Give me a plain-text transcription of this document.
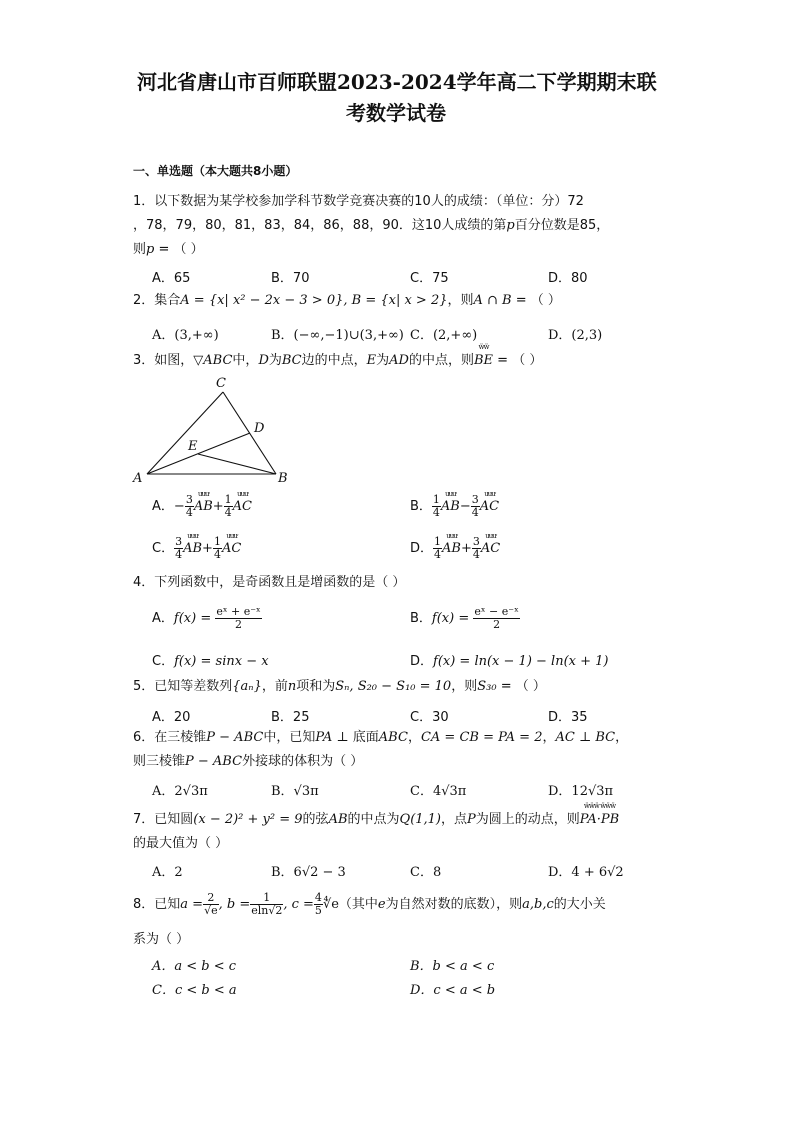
河北省唐山市百师联盟2023-2024学年高二下学期期末联
考数学试卷
一、单选题（本大题共8小题）
1．以下数据为某学校参加学科节数学竞赛决赛的10人的成绩：（单位：分）72
，78，79，80，81，83，84，86，88，90．这10人成绩的第p百分位数是85，
则p = （ ）
A．65	B．70	C．75	D．80
2．集合A = {x| x² − 2x − 3 > 0}, B = {x| x > 2}，则A ∩ B = （ ）
A．(3,+∞)	B．(−∞,−1)∪(3,+∞) C．(2,+∞)	D．(2,3)
3．如图，▽ABC中，D为BC边的中点，E为AD的中点，则
ẅẅ
BE = （ ）
C
D
E
A	B
A．− $\frac{3}{4}$ ưưư
$AB+ \frac{1}{4}$ ưưư
AC	B． $\frac{1}{4}$ ưưư
$AB- \frac{3}{4}$ ưưư
AC
C． $\frac{3}{4}$ ưưư
$AB+ \frac{1}{4}$ ưưư
AC	D． $\frac{1}{4}$ ưưư
$AB+ \frac{3}{4}$ ưưư
AC
4．下列函数中，是奇函数且是增函数的是（ ）
A．$f(x) = \frac{\text{eˣ + e⁻ˣ}}{2}$	B．$f(x) = \frac{\text{eˣ − e⁻ˣ}}{2}$
C．f(x) = sinx − x	D．f(x) = ln(x − 1) − ln(x + 1)
5．已知等差数列{aₙ}，前n项和为Sₙ, S₂₀ − S₁₀ = 10，则S₃₀ = （ ）
A．20	B．25	C．30	D．35
6．在三棱锥P − ABC中，已知PA ⊥ 底面ABC，CA = CB = PA = 2，AC ⊥ BC，
则三棱锥P − ABC外接球的体积为（ ）
A．2√3π	B．√3π	C．4√3π	D．12√3π
7．已知圆(x − 2)² + y² = 9的弦AB的中点为Q(1,1)，点P为圆上的动点，则
ẅẅẅ ẅẅẅ
PA·PB
的最大值为（ ）
A．2	B．6√2 − 3	C．8	D．4 + 6√2
8．已知$a = \frac{2}{√e}$ , $b = \frac{1}{eln√2}$ , $c = \frac{4}{5}$ ∜e（其中e为自然对数的底数），则a,b,c的大小关
系为（ ）
A．a < b < c	B．b < a < c
C．c < b < a	D．c < a < b
